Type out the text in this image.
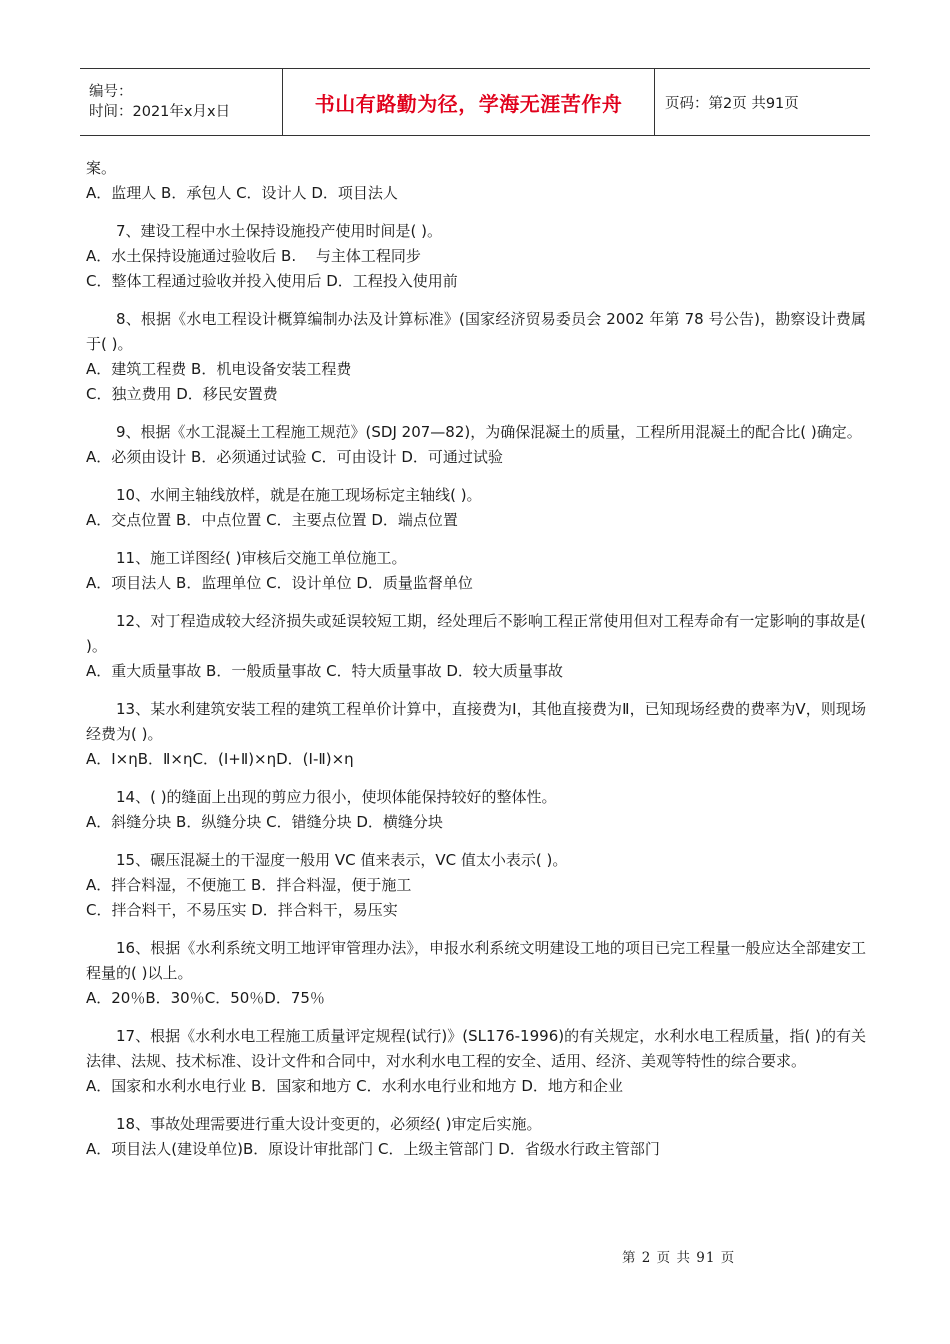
编号：
时间：2021年x月x日	书山有路勤为径，学海无涯苦作舟	页码：第2页 共91页

案。

A．监理人 B．承包人 C．设计人 D．项目法人

7、建设工程中水土保持设施投产使用时间是( )。

A．水土保持设施通过验收后 B.　 与主体工程同步

C．整体工程通过验收并投入使用后 D．工程投入使用前

8、根据《水电工程设计概算编制办法及计算标准》(国家经济贸易委员会 2002 年第 78 号公告)，勘察设计费属于( )。

A．建筑工程费 B．机电设备安装工程费

C．独立费用 D．移民安置费

9、根据《水工混凝土工程施工规范》(SDJ 207—82)，为确保混凝土的质量，工程所用混凝土的配合比( )确定。

A．必须由设计 B．必须通过试验 C．可由设计 D．可通过试验

10、水闸主轴线放样，就是在施工现场标定主轴线( )。

A．交点位置 B．中点位置 C．主要点位置 D．端点位置

11、施工详图经( )审核后交施工单位施工。

A．项目法人 B．监理单位 C．设计单位 D．质量监督单位

12、对丁程造成较大经济损失或延误较短工期，经处理后不影响工程正常使用但对工程寿命有一定影响的事故是( )。

A．重大质量事故 B．一般质量事故 C．特大质量事故 D．较大质量事故

13、某水利建筑安装工程的建筑工程单价计算中，直接费为Ⅰ，其他直接费为Ⅱ，已知现场经费的费率为Ⅴ，则现场经费为( )。

A．Ⅰ×ηB．Ⅱ×ηC．(Ⅰ+Ⅱ)×ηD．(Ⅰ-Ⅱ)×η

14、( )的缝面上出现的剪应力很小，使坝体能保持较好的整体性。

A．斜缝分块 B．纵缝分块 C．错缝分块 D．横缝分块

15、碾压混凝土的干湿度一般用 VC 值来表示，VC 值太小表示( )。

A．拌合料湿，不便施工 B．拌合料湿，便于施工

C．拌合料干，不易压实 D．拌合料干，易压实

16、根据《水利系统文明工地评审管理办法》，申报水利系统文明建设工地的项目已完工程量一般应达全部建安工程量的( )以上。

A．20％B．30％C．50％D．75％

17、根据《水利水电工程施工质量评定规程(试行)》(SL176-1996)的有关规定，水利水电工程质量，指( )的有关法律、法规、技术标准、设计文件和合同中，对水利水电工程的安全、适用、经济、美观等特性的综合要求。

A．国家和水利水电行业 B．国家和地方 C．水利水电行业和地方 D．地方和企业

18、事故处理需要进行重大设计变更的，必须经( )审定后实施。

A．项目法人(建设单位)B．原设计审批部门 C．上级主管部门 D．省级水行政主管部门

第 2 页 共 91 页
